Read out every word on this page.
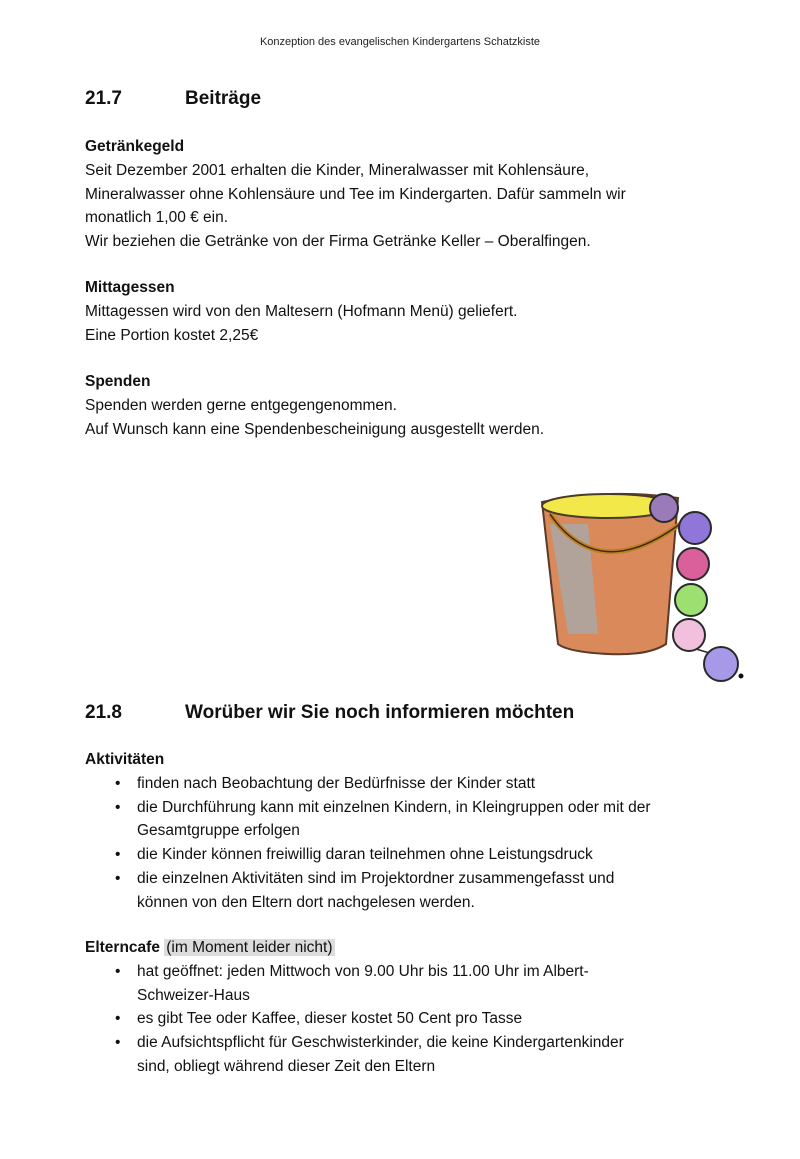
Konzeption des evangelischen Kindergartens Schatzkiste
21.7	Beiträge
Getränkegeld
Seit Dezember 2001 erhalten die Kinder, Mineralwasser mit Kohlensäure,
Mineralwasser ohne Kohlensäure und Tee im Kindergarten. Dafür sammeln wir
monatlich 1,00 € ein.
Wir beziehen die Getränke von der Firma Getränke Keller – Oberalfingen.
Mittagessen
Mittagessen wird von den Maltesern (Hofmann Menü) geliefert.
Eine Portion kostet 2,25€
Spenden
Spenden werden gerne entgegengenommen.
Auf Wunsch kann eine Spendenbescheinigung ausgestellt werden.
21.8	Worüber wir Sie noch informieren möchten
Aktivitäten
• finden nach Beobachtung der Bedürfnisse der Kinder statt
• die Durchführung kann mit einzelnen Kindern, in Kleingruppen oder mit der
Gesamtgruppe erfolgen
• die Kinder können freiwillig daran teilnehmen ohne Leistungsdruck
• die einzelnen Aktivitäten sind im Projektordner zusammengefasst und
können von den Eltern dort nachgelesen werden.
Elterncafe (im Moment leider nicht)
• hat geöffnet: jeden Mittwoch von 9.00 Uhr bis 11.00 Uhr im Albert-
Schweizer-Haus
• es gibt Tee oder Kaffee, dieser kostet 50 Cent pro Tasse
• die Aufsichtspflicht für Geschwisterkinder, die keine Kindergartenkinder
sind, obliegt während dieser Zeit den Eltern
